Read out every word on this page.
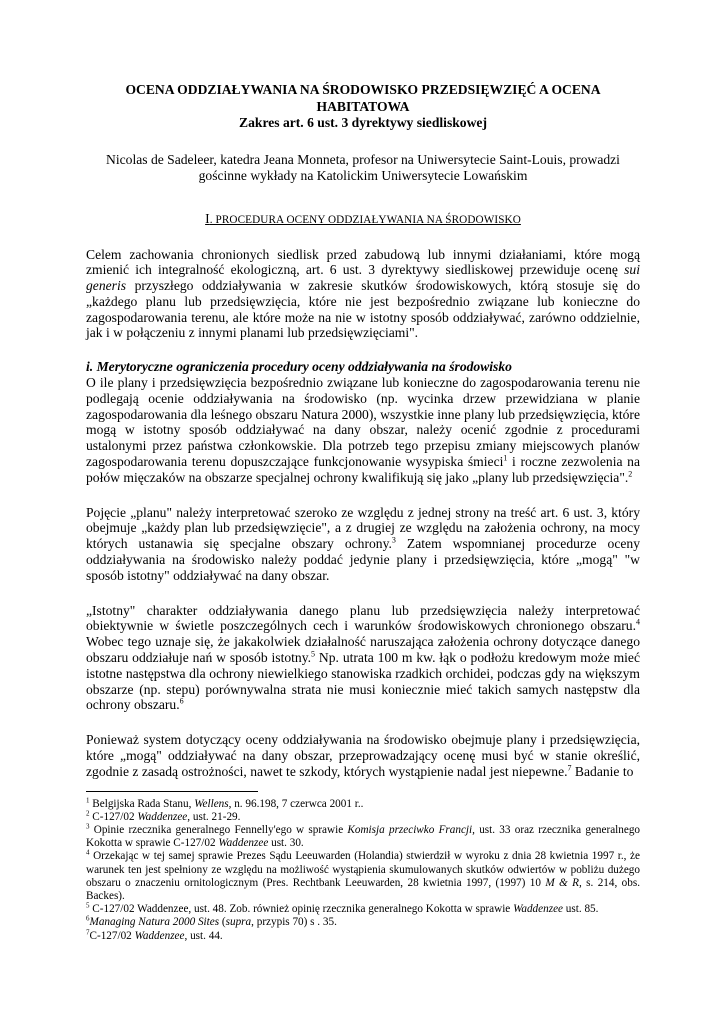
OCENA ODDZIAŁYWANIA NA ŚRODOWISKO PRZEDSIĘWZIĘĆ A OCENA
HABITATOWA
Zakres art. 6 ust. 3 dyrektywy siedliskowej

Nicolas de Sadeleer, katedra Jeana Monneta, profesor na Uniwersytecie Saint-Louis, prowadzi
gościnne wykłady na Katolickim Uniwersytecie Lowańskim

I. PROCEDURA OCENY ODDZIAŁYWANIA NA ŚRODOWISKO

Celem zachowania chronionych siedlisk przed zabudową lub innymi działaniami, które mogą zmienić ich integralność ekologiczną, art. 6 ust. 3 dyrektywy siedliskowej przewiduje ocenę sui generis przyszłego oddziaływania w zakresie skutków środowiskowych, którą stosuje się do „każdego planu lub przedsięwzięcia, które nie jest bezpośrednio związane lub konieczne do zagospodarowania terenu, ale które może na nie w istotny sposób oddziaływać, zarówno oddzielnie, jak i w połączeniu z innymi planami lub przedsięwzięciami".

i. Merytoryczne ograniczenia procedury oceny oddziaływania na środowisko

O ile plany i przedsięwzięcia bezpośrednio związane lub konieczne do zagospodarowania terenu nie podlegają ocenie oddziaływania na środowisko (np. wycinka drzew przewidziana w planie zagospodarowania dla leśnego obszaru Natura 2000), wszystkie inne plany lub przedsięwzięcia, które mogą w istotny sposób oddziaływać na dany obszar, należy ocenić zgodnie z procedurami ustalonymi przez państwa członkowskie. Dla potrzeb tego przepisu zmiany miejscowych planów zagospodarowania terenu dopuszczające funkcjonowanie wysypiska śmieci$^1$ i roczne zezwolenia na połów mięczaków na obszarze specjalnej ochrony kwalifikują się jako „plany lub przedsięwzięcia".$^2$

Pojęcie „planu" należy interpretować szeroko ze względu z jednej strony na treść art. 6 ust. 3, który obejmuje „każdy plan lub przedsięwzięcie", a z drugiej ze względu na założenia ochrony, na mocy których ustanawia się specjalne obszary ochrony.$^3$ Zatem wspomnianej procedurze oceny oddziaływania na środowisko należy poddać jedynie plany i przedsięwzięcia, które „mogą" "w sposób istotny" oddziaływać na dany obszar.

„Istotny" charakter oddziaływania danego planu lub przedsięwzięcia należy interpretować obiektywnie w świetle poszczególnych cech i warunków środowiskowych chronionego obszaru.$^4$ Wobec tego uznaje się, że jakakolwiek działalność naruszająca założenia ochrony dotyczące danego obszaru oddziałuje nań w sposób istotny.$^5$ Np. utrata 100 m kw. łąk o podłożu kredowym może mieć istotne następstwa dla ochrony niewielkiego stanowiska rzadkich orchidei, podczas gdy na większym obszarze (np. stepu) porównywalna strata nie musi koniecznie mieć takich samych następstw dla ochrony obszaru.$^6$

Ponieważ system dotyczący oceny oddziaływania na środowisko obejmuje plany i przedsięwzięcia, które „mogą" oddziaływać na dany obszar, przeprowadzający ocenę musi być w stanie określić, zgodnie z zasadą ostrożności, nawet te szkody, których wystąpienie nadal jest niepewne.$^7$ Badanie to

$^1$ Belgijska Rada Stanu, Wellens, n. 96.198, 7 czerwca 2001 r..

$^2$ C-127/02 Waddenzee, ust. 21-29.

$^3$ Opinie rzecznika generalnego Fennelly'ego w sprawie Komisja przeciwko Francji, ust. 33 oraz rzecznika generalnego Kokotta w sprawie C-127/02 Waddenzee ust. 30.

$^4$ Orzekając w tej samej sprawie Prezes Sądu Leeuwarden (Holandia) stwierdził w wyroku z dnia 28 kwietnia 1997 r., że warunek ten jest spełniony ze względu na możliwość wystąpienia skumulowanych skutków odwiertów w pobliżu dużego obszaru o znaczeniu ornitologicznym (Pres. Rechtbank Leeuwarden, 28 kwietnia 1997, (1997) 10 M & R, s. 214, obs. Backes).

$^5$ C-127/02 Waddenzee, ust. 48. Zob. również opinię rzecznika generalnego Kokotta w sprawie Waddenzee ust. 85.

$^6$Managing Natura 2000 Sites (supra, przypis 70) s . 35.

$^7$C-127/02 Waddenzee, ust. 44.
